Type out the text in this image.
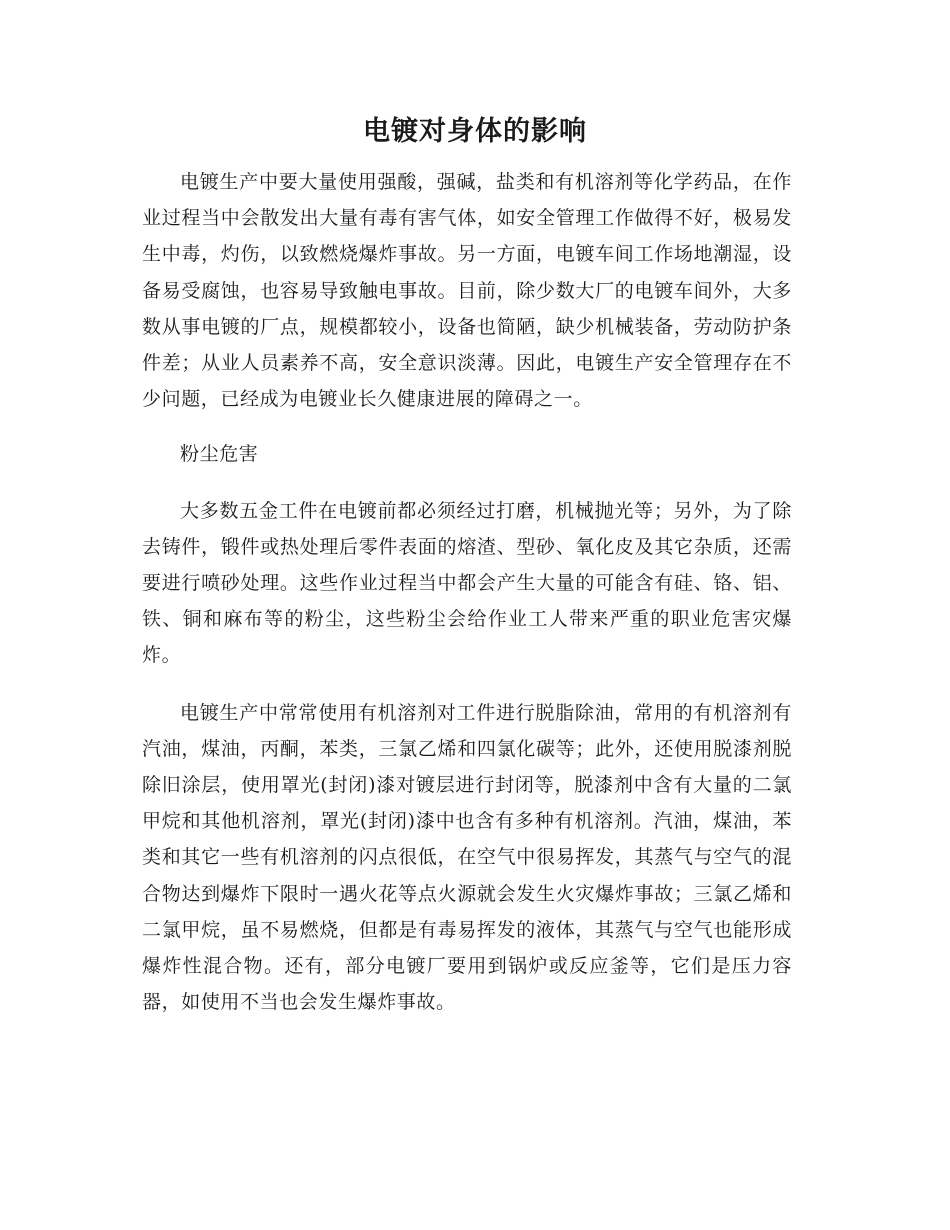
电镀对身体的影响

电镀生产中要大量使用强酸，强碱，盐类和有机溶剂等化学药品，在作业过程当中会散发出大量有毒有害气体，如安全管理工作做得不好，极易发生中毒，灼伤，以致燃烧爆炸事故。另一方面，电镀车间工作场地潮湿，设备易受腐蚀，也容易导致触电事故。目前，除少数大厂的电镀车间外，大多数从事电镀的厂点，规模都较小，设备也简陋，缺少机械装备，劳动防护条件差；从业人员素养不高，安全意识淡薄。因此，电镀生产安全管理存在不少问题，已经成为电镀业长久健康进展的障碍之一。

粉尘危害

大多数五金工件在电镀前都必须经过打磨，机械抛光等；另外，为了除去铸件，锻件或热处理后零件表面的熔渣、型砂、氧化皮及其它杂质，还需要进行喷砂处理。这些作业过程当中都会产生大量的可能含有硅、铬、铝、铁、铜和麻布等的粉尘，这些粉尘会给作业工人带来严重的职业危害灾爆炸。

电镀生产中常常使用有机溶剂对工件进行脱脂除油，常用的有机溶剂有汽油，煤油，丙酮，苯类，三氯乙烯和四氯化碳等；此外，还使用脱漆剂脱除旧涂层，使用罩光(封闭)漆对镀层进行封闭等，脱漆剂中含有大量的二氯甲烷和其他机溶剂，罩光(封闭)漆中也含有多种有机溶剂。汽油，煤油，苯类和其它一些有机溶剂的闪点很低，在空气中很易挥发，其蒸气与空气的混合物达到爆炸下限时一遇火花等点火源就会发生火灾爆炸事故；三氯乙烯和二氯甲烷，虽不易燃烧，但都是有毒易挥发的液体，其蒸气与空气也能形成爆炸性混合物。还有，部分电镀厂要用到锅炉或反应釜等，它们是压力容器，如使用不当也会发生爆炸事故。
